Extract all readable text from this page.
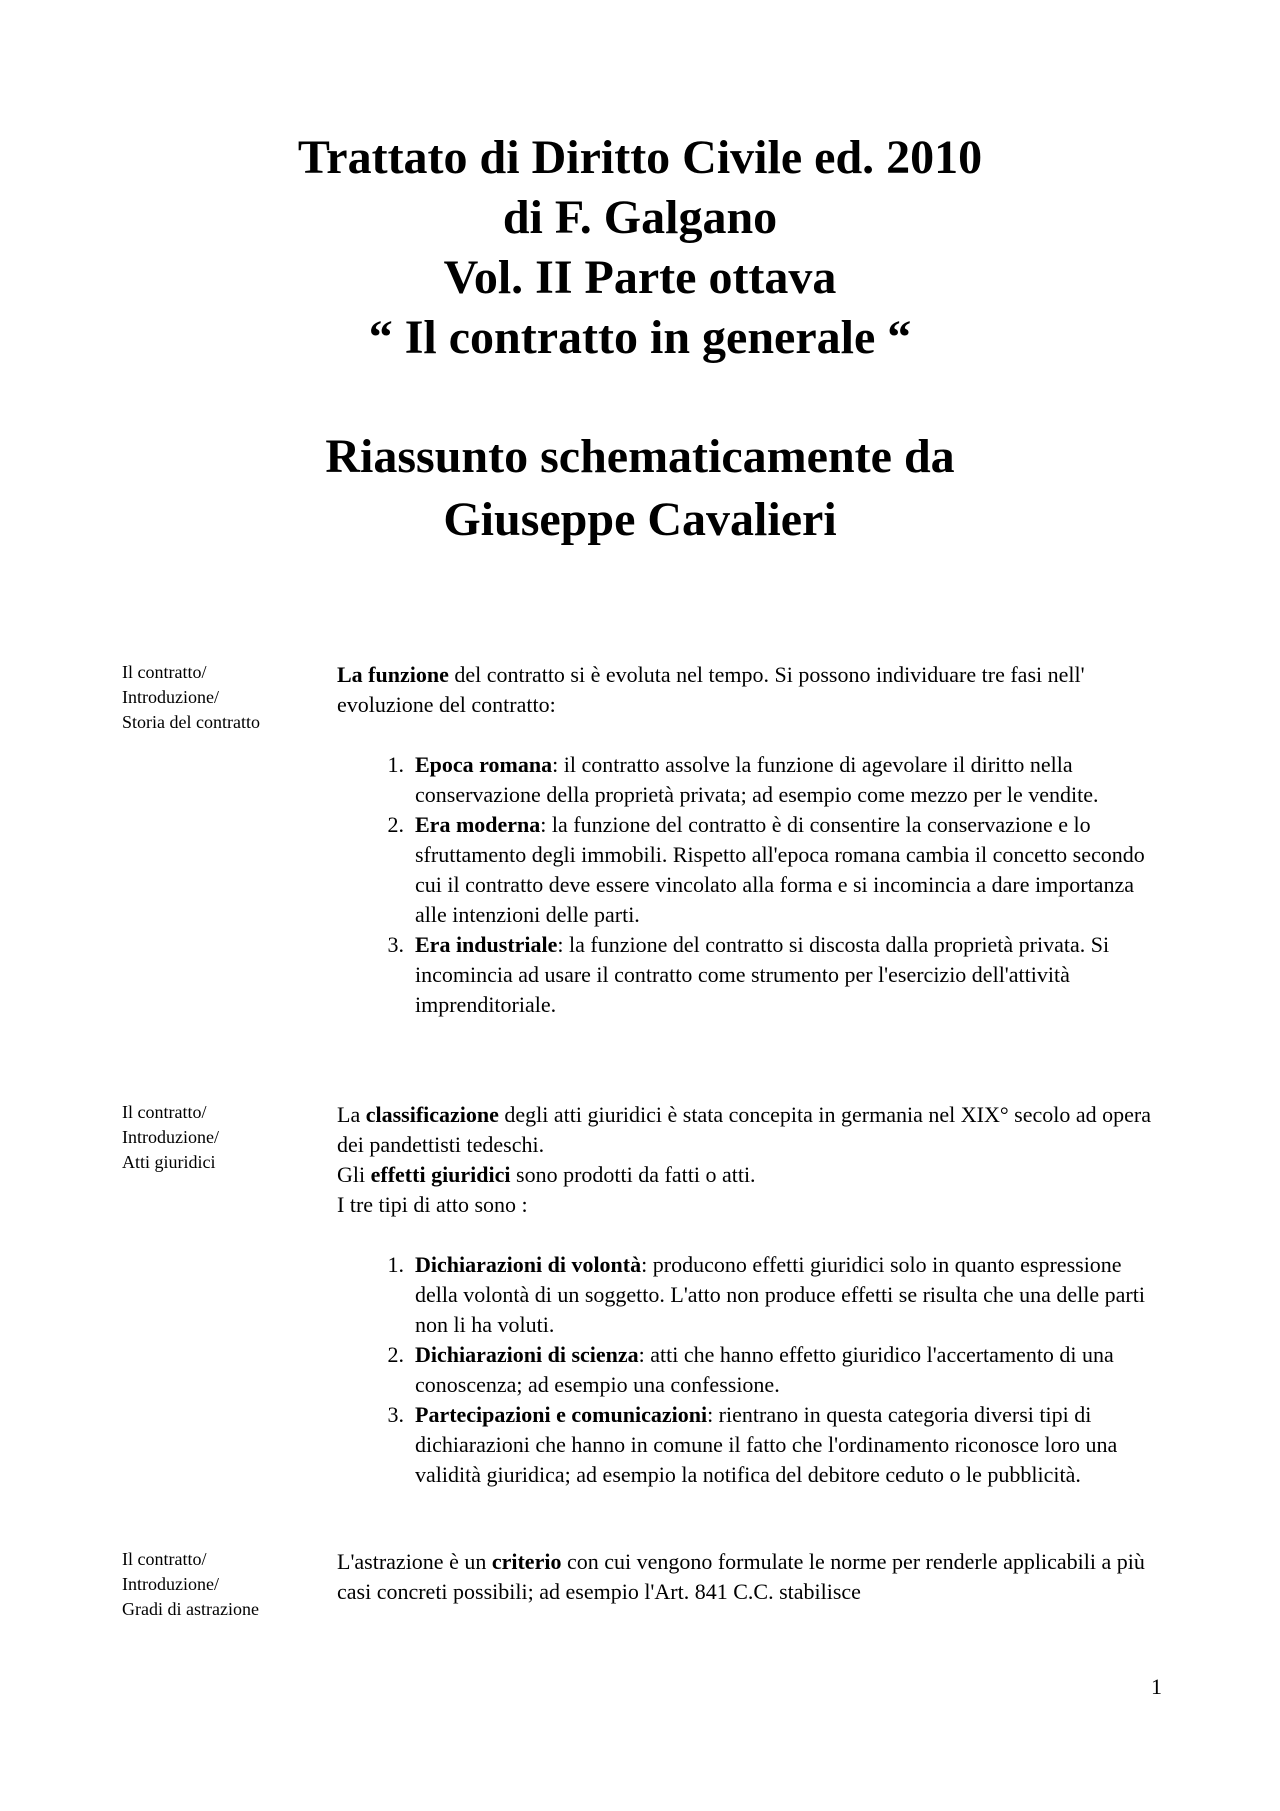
Trattato di Diritto Civile ed. 2010
di F. Galgano
Vol. II Parte ottava
“ Il contratto in generale “
Riassunto schematicamente da
Giuseppe Cavalieri
Il contratto/
Introduzione/
Storia del contratto

La funzione del contratto si è evoluta nel tempo. Si possono individuare tre fasi nell' evoluzione del contratto:

1. Epoca romana: il contratto assolve la funzione di agevolare il diritto nella conservazione della proprietà privata; ad esempio come mezzo per le vendite.
2. Era moderna: la funzione del contratto è di consentire la conservazione e lo sfruttamento degli immobili. Rispetto all'epoca romana cambia il concetto secondo cui il contratto deve essere vincolato alla forma e si incomincia a dare importanza alle intenzioni delle parti.
3. Era industriale: la funzione del contratto si discosta dalla proprietà privata. Si incomincia ad usare il contratto come strumento per l'esercizio dell'attività imprenditoriale.
Il contratto/
Introduzione/
Atti giuridici

La classificazione degli atti giuridici è stata concepita in germania nel XIX° secolo ad opera dei pandettisti tedeschi.

Gli effetti giuridici sono prodotti da fatti o atti.

I tre tipi di atto sono :

1. Dichiarazioni di volontà: producono effetti giuridici solo in quanto espressione della volontà di un soggetto. L'atto non produce effetti se risulta che una delle parti non li ha voluti.
2. Dichiarazioni di scienza: atti che hanno effetto giuridico l'accertamento di una conoscenza; ad esempio una confessione.
3. Partecipazioni e comunicazioni: rientrano in questa categoria diversi tipi di dichiarazioni che hanno in comune il fatto che l'ordinamento riconosce loro una validità giuridica; ad esempio la notifica del debitore ceduto o le pubblicità.
Il contratto/
Introduzione/
Gradi di astrazione

L'astrazione è un criterio con cui vengono formulate le norme per renderle applicabili a più casi concreti possibili; ad esempio l'Art. 841 C.C. stabilisce

1
